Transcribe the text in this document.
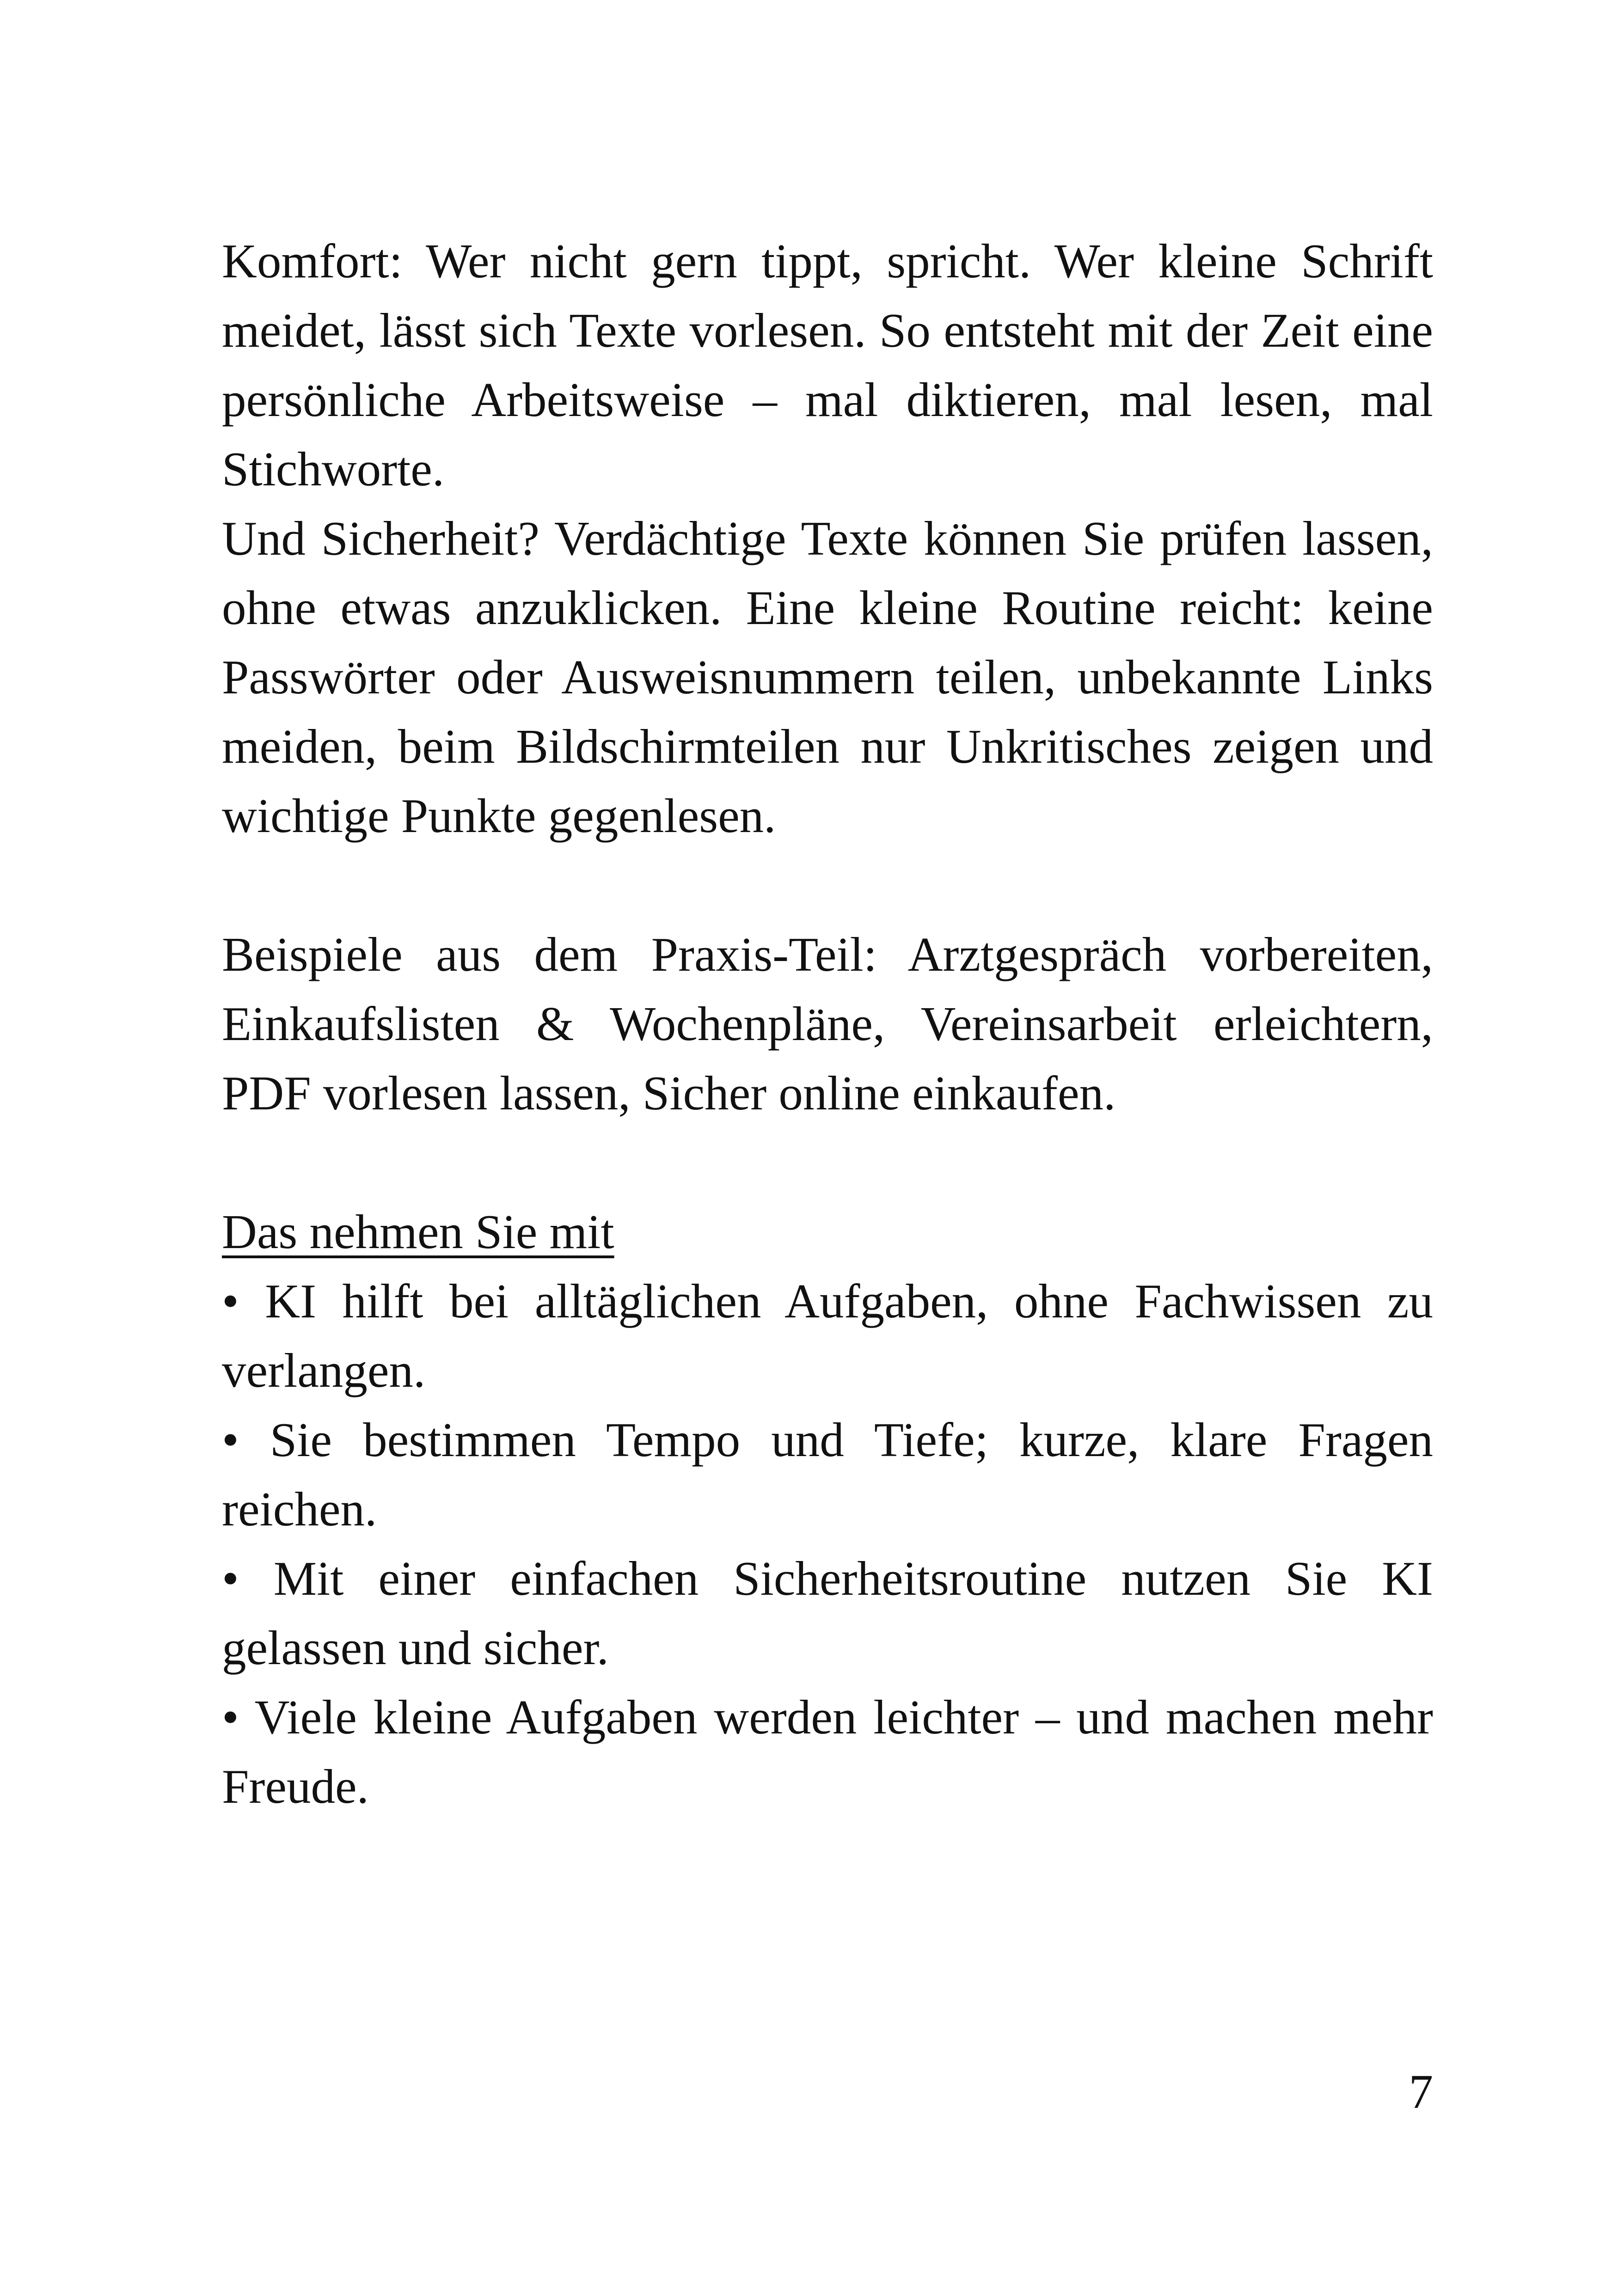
Komfort: Wer nicht gern tippt, spricht. Wer kleine Schrift meidet, lässt sich Texte vorlesen. So entsteht mit der Zeit eine persönliche Arbeitsweise – mal diktieren, mal lesen, mal Stichworte.

Und Sicherheit? Verdächtige Texte können Sie prüfen lassen, ohne etwas anzuklicken. Eine kleine Routine reicht: keine Passwörter oder Ausweisnummern teilen, unbekannte Links meiden, beim Bildschirmteilen nur Unkritisches zeigen und wichtige Punkte gegenlesen.

Beispiele aus dem Praxis-Teil: Arztgespräch vorbereiten, Einkaufslisten & Wochenpläne, Vereinsarbeit erleichtern, PDF vorlesen lassen, Sicher online einkaufen.

Das nehmen Sie mit

• KI hilft bei alltäglichen Aufgaben, ohne Fachwissen zu verlangen.
• Sie bestimmen Tempo und Tiefe; kurze, klare Fragen reichen.
• Mit einer einfachen Sicherheitsroutine nutzen Sie KI gelassen und sicher.
• Viele kleine Aufgaben werden leichter – und machen mehr Freude.
7
